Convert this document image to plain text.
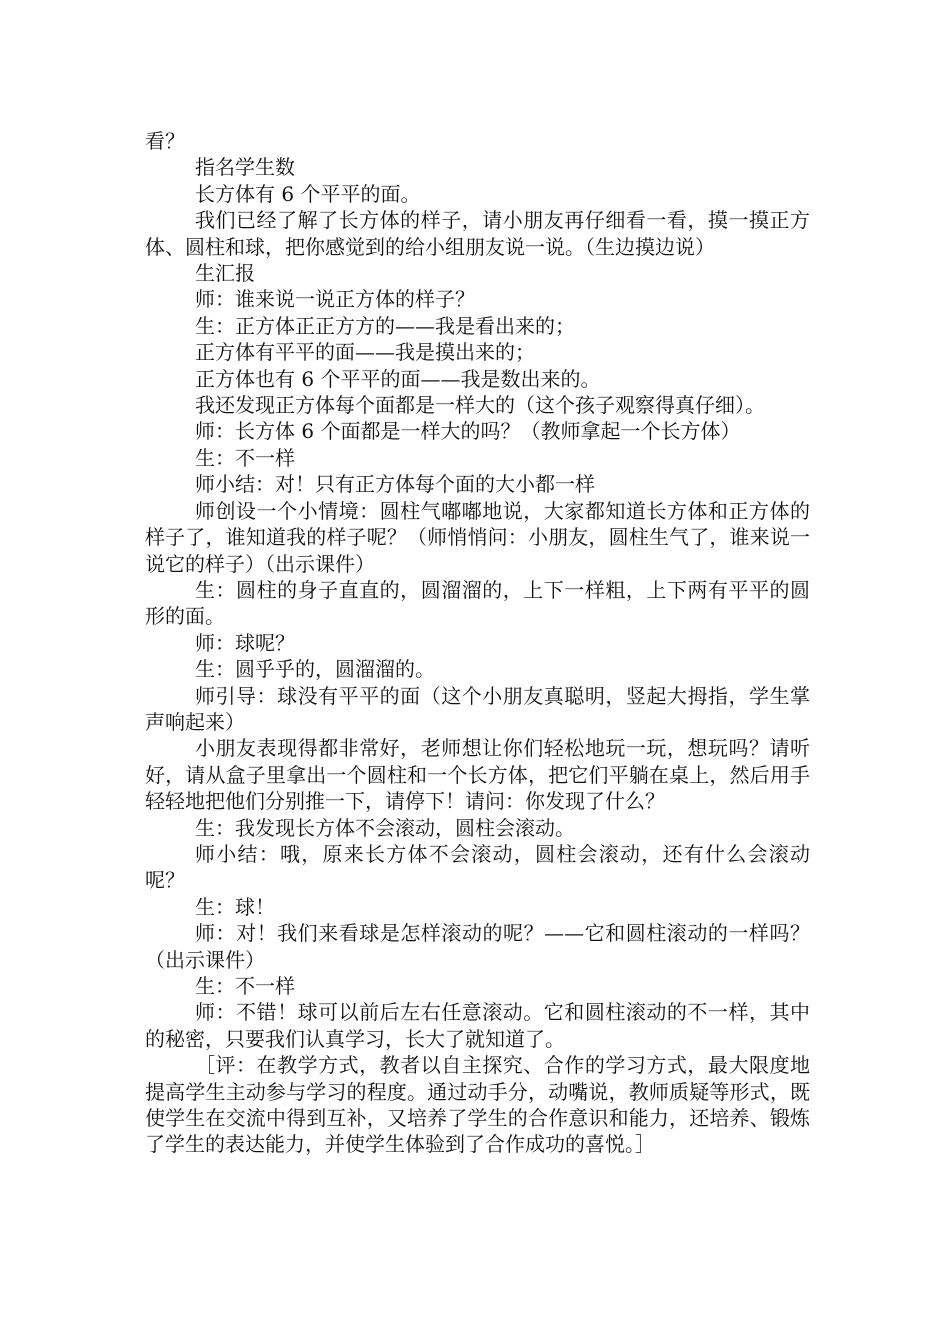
看？

指名学生数

长方体有 6 个平平的面。

我们已经了解了长方体的样子，请小朋友再仔细看一看，摸一摸正方体、圆柱和球，把你感觉到的给小组朋友说一说。（生边摸边说）

生汇报

师：谁来说一说正方体的样子？

生：正方体正正方方的——我是看出来的；

正方体有平平的面——我是摸出来的；

正方体也有 6 个平平的面——我是数出来的。

我还发现正方体每个面都是一样大的（这个孩子观察得真仔细）。

师：长方体 6 个面都是一样大的吗？（教师拿起一个长方体）

生：不一样

师小结：对！只有正方体每个面的大小都一样

师创设一个小情境：圆柱气嘟嘟地说，大家都知道长方体和正方体的样子了，谁知道我的样子呢？（师悄悄问：小朋友，圆柱生气了，谁来说一说它的样子）（出示课件）

生：圆柱的身子直直的，圆溜溜的，上下一样粗，上下两有平平的圆形的面。

师：球呢？

生：圆乎乎的，圆溜溜的。

师引导：球没有平平的面（这个小朋友真聪明，竖起大拇指，学生掌声响起来）

小朋友表现得都非常好，老师想让你们轻松地玩一玩，想玩吗？请听好，请从盒子里拿出一个圆柱和一个长方体，把它们平躺在桌上，然后用手轻轻地把他们分别推一下，请停下！请问：你发现了什么？

生：我发现长方体不会滚动，圆柱会滚动。

师小结：哦，原来长方体不会滚动，圆柱会滚动，还有什么会滚动呢？

生：球！

师：对！我们来看球是怎样滚动的呢？——它和圆柱滚动的一样吗？（出示课件）

生：不一样

师：不错！球可以前后左右任意滚动。它和圆柱滚动的不一样，其中的秘密，只要我们认真学习，长大了就知道了。

［评：在教学方式，教者以自主探究、合作的学习方式，最大限度地提高学生主动参与学习的程度。通过动手分，动嘴说，教师质疑等形式，既使学生在交流中得到互补，又培养了学生的合作意识和能力，还培养、锻炼了学生的表达能力，并使学生体验到了合作成功的喜悦。］
